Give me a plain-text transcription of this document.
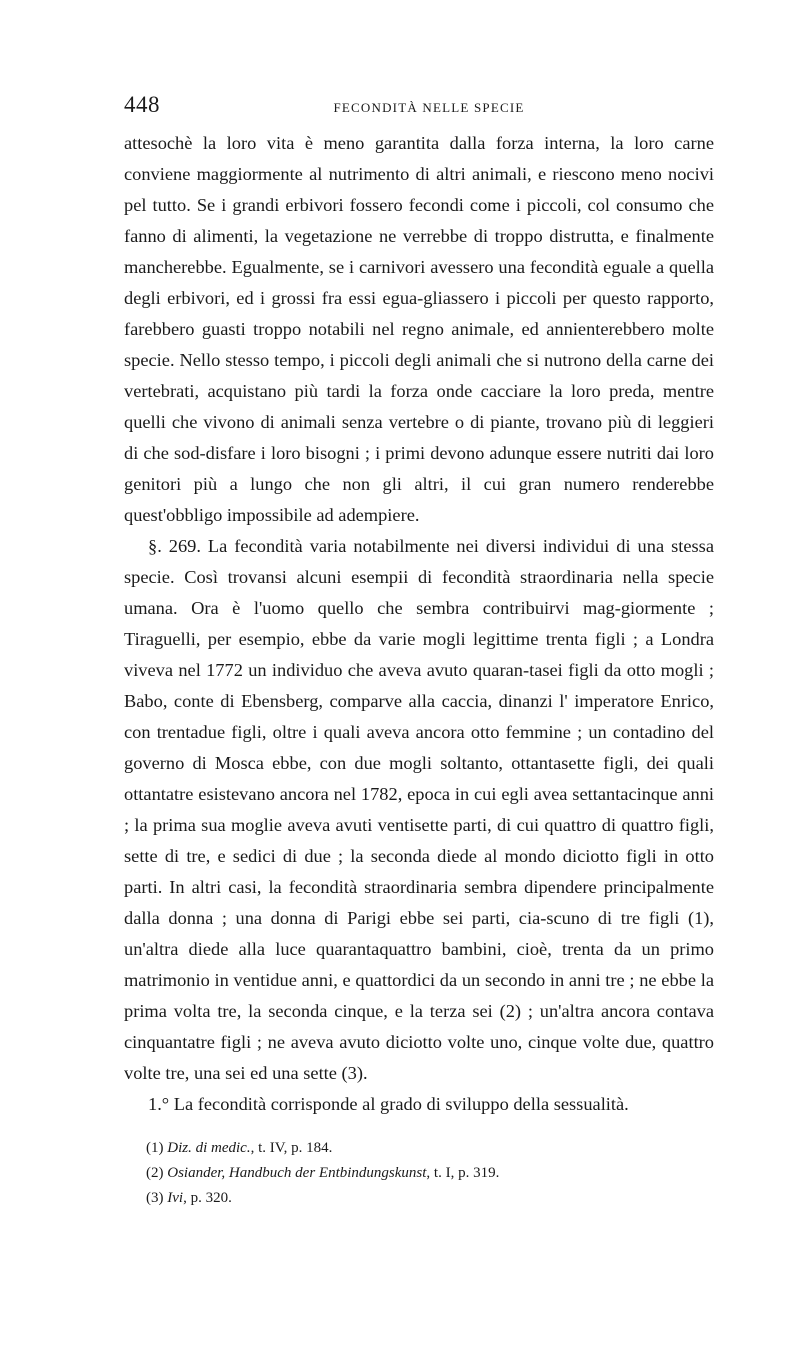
448	FECONDITÀ NELLE SPECIE

attesochè la loro vita è meno garantita dalla forza interna, la loro carne conviene maggiormente al nutrimento di altri animali, e riescono meno nocivi pel tutto. Se i grandi erbivori fossero fecondi come i piccoli, col consumo che fanno di alimenti, la vegetazione ne verrebbe di troppo distrutta, e finalmente mancherebbe. Egualmente, se i carnivori avessero una fecondità eguale a quella degli erbivori, ed i grossi fra essi egua-gliassero i piccoli per questo rapporto, farebbero guasti troppo notabili nel regno animale, ed annienterebbero molte specie. Nello stesso tempo, i piccoli degli animali che si nutrono della carne dei vertebrati, acquistano più tardi la forza onde cacciare la loro preda, mentre quelli che vivono di animali senza vertebre o di piante, trovano più di leggieri di che sod-disfare i loro bisogni ; i primi devono adunque essere nutriti dai loro genitori più a lungo che non gli altri, il cui gran numero renderebbe quest'obbligo impossibile ad adempiere.

§. 269. La fecondità varia notabilmente nei diversi individui di una stessa specie. Così trovansi alcuni esempii di fecondità straordinaria nella specie umana. Ora è l'uomo quello che sembra contribuirvi mag-giormente ; Tiraguelli, per esempio, ebbe da varie mogli legittime trenta figli ; a Londra viveva nel 1772 un individuo che aveva avuto quaran-tasei figli da otto mogli ; Babo, conte di Ebensberg, comparve alla caccia, dinanzi l' imperatore Enrico, con trentadue figli, oltre i quali aveva ancora otto femmine ; un contadino del governo di Mosca ebbe, con due mogli soltanto, ottantasette figli, dei quali ottantatre esistevano ancora nel 1782, epoca in cui egli avea settantacinque anni ; la prima sua moglie aveva avuti ventisette parti, di cui quattro di quattro figli, sette di tre, e sedici di due ; la seconda diede al mondo diciotto figli in otto parti. In altri casi, la fecondità straordinaria sembra dipendere principalmente dalla donna ; una donna di Parigi ebbe sei parti, cia-scuno di tre figli (1), un'altra diede alla luce quarantaquattro bambini, cioè, trenta da un primo matrimonio in ventidue anni, e quattordici da un secondo in anni tre ; ne ebbe la prima volta tre, la seconda cinque, e la terza sei (2) ; un'altra ancora contava cinquantatre figli ; ne aveva avuto diciotto volte uno, cinque volte due, quattro volte tre, una sei ed una sette (3).

1.° La fecondità corrisponde al grado di sviluppo della sessualità.

(1) Diz. di medic., t. IV, p. 184.

(2) Osiander, Handbuch der Entbindungskunst, t. I, p. 319.

(3) Ivi, p. 320.
